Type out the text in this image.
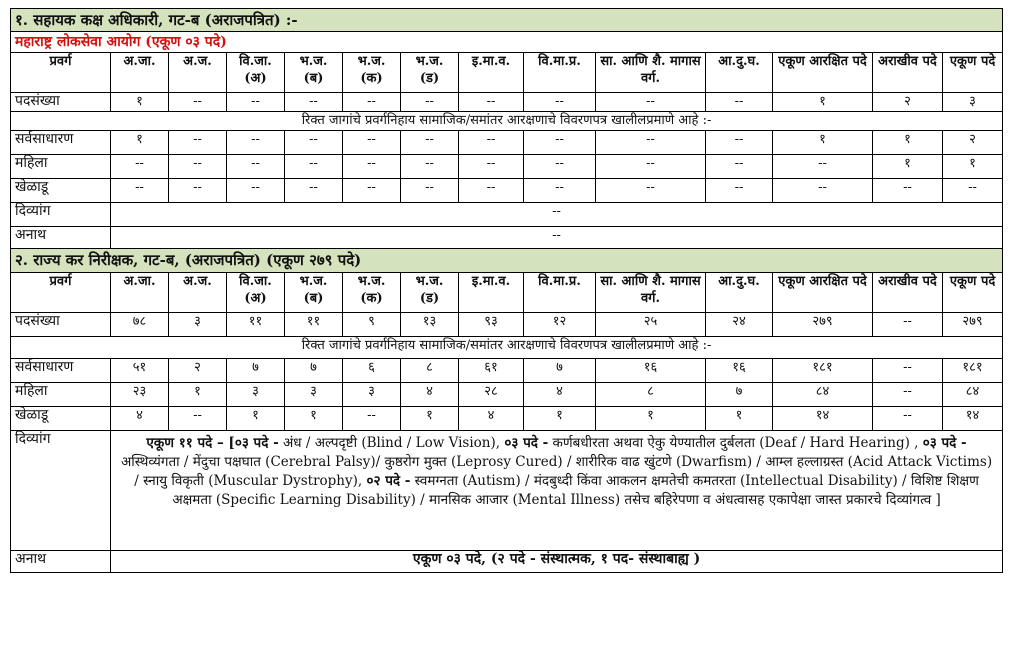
१. सहायक कक्ष अधिकारी, गट-ब (अराजपत्रित) :-													
महाराष्ट्र लोकसेवा आयोग (एकूण ०३ पदे)													
प्रवर्ग	अ.जा.	अ.ज.	वि.जा. (अ)	भ.ज. (ब)	भ.ज. (क)	भ.ज. (ड)	इ.मा.व.	वि.मा.प्र.	सा. आणि शै. मागास वर्ग.	आ.दु.घ.	एकूण आरक्षित पदे	अराखीव पदे	एकूण पदे
पदसंख्या	१	--	--	--	--	--	--	--	--	--	१	२	३
रिक्त जागांचे प्रवर्गनिहाय सामाजिक/समांतर आरक्षणाचे विवरणपत्र खालीलप्रमाणे आहे :-													
सर्वसाधारण	१	--	--	--	--	--	--	--	--	--	१	१	२
महिला	--	--	--	--	--	--	--	--	--	--	--	१	१
खेळाडू	--	--	--	--	--	--	--	--	--	--	--	--	--
दिव्यांग	--												
अनाथ	--												
२. राज्य कर निरीक्षक, गट-ब, (अराजपत्रित) (एकूण २७९ पदे)													
प्रवर्ग	अ.जा.	अ.ज.	वि.जा. (अ)	भ.ज. (ब)	भ.ज. (क)	भ.ज. (ड)	इ.मा.व.	वि.मा.प्र.	सा. आणि शै. मागास वर्ग.	आ.दु.घ.	एकूण आरक्षित पदे	अराखीव पदे	एकूण पदे
पदसंख्या	७८	३	११	११	९	१३	९३	१२	२५	२४	२७९	--	२७९
रिक्त जागांचे प्रवर्गनिहाय सामाजिक/समांतर आरक्षणाचे विवरणपत्र खालीलप्रमाणे आहे :-													
सर्वसाधारण	५१	२	७	७	६	८	६१	७	१६	१६	१८१	--	१८१
महिला	२३	१	३	३	३	४	२८	४	८	७	८४	--	८४
खेळाडू	४	--	१	१	--	१	४	१	१	१	१४	--	१४
दिव्यांग	एकूण ११ पदे – [०३ पदे - अंध / अल्पदृष्टी (Blind / Low Vision), ०३ पदे - कर्णबधीरता अथवा ऐकु येण्यातील दुर्बलता (Deaf / Hard Hearing) , ०३ पदे - अस्थिव्यंगता / मेंदुचा पक्षघात (Cerebral Palsy)/ कुष्ठरोग मुक्त (Leprosy Cured) / शारीरिक वाढ खुंटणे (Dwarfism) / आम्ल हल्लाग्रस्त (Acid Attack Victims) / स्नायु विकृती (Muscular Dystrophy), ०२ पदे - स्वमग्नता (Autism) / मंदबुध्दी किंवा आकलन क्षमतेची कमतरता (Intellectual Disability) / विशिष्ट शिक्षण अक्षमता (Specific Learning Disability) / मानसिक आजार (Mental Illness) तसेच बहिरेपणा व अंधत्वासह एकापेक्षा जास्त प्रकारचे दिव्यांगत्व ]												
अनाथ	एकूण ०३ पदे, (२ पदे - संस्थात्मक, १ पद- संस्थाबाह्य )												
